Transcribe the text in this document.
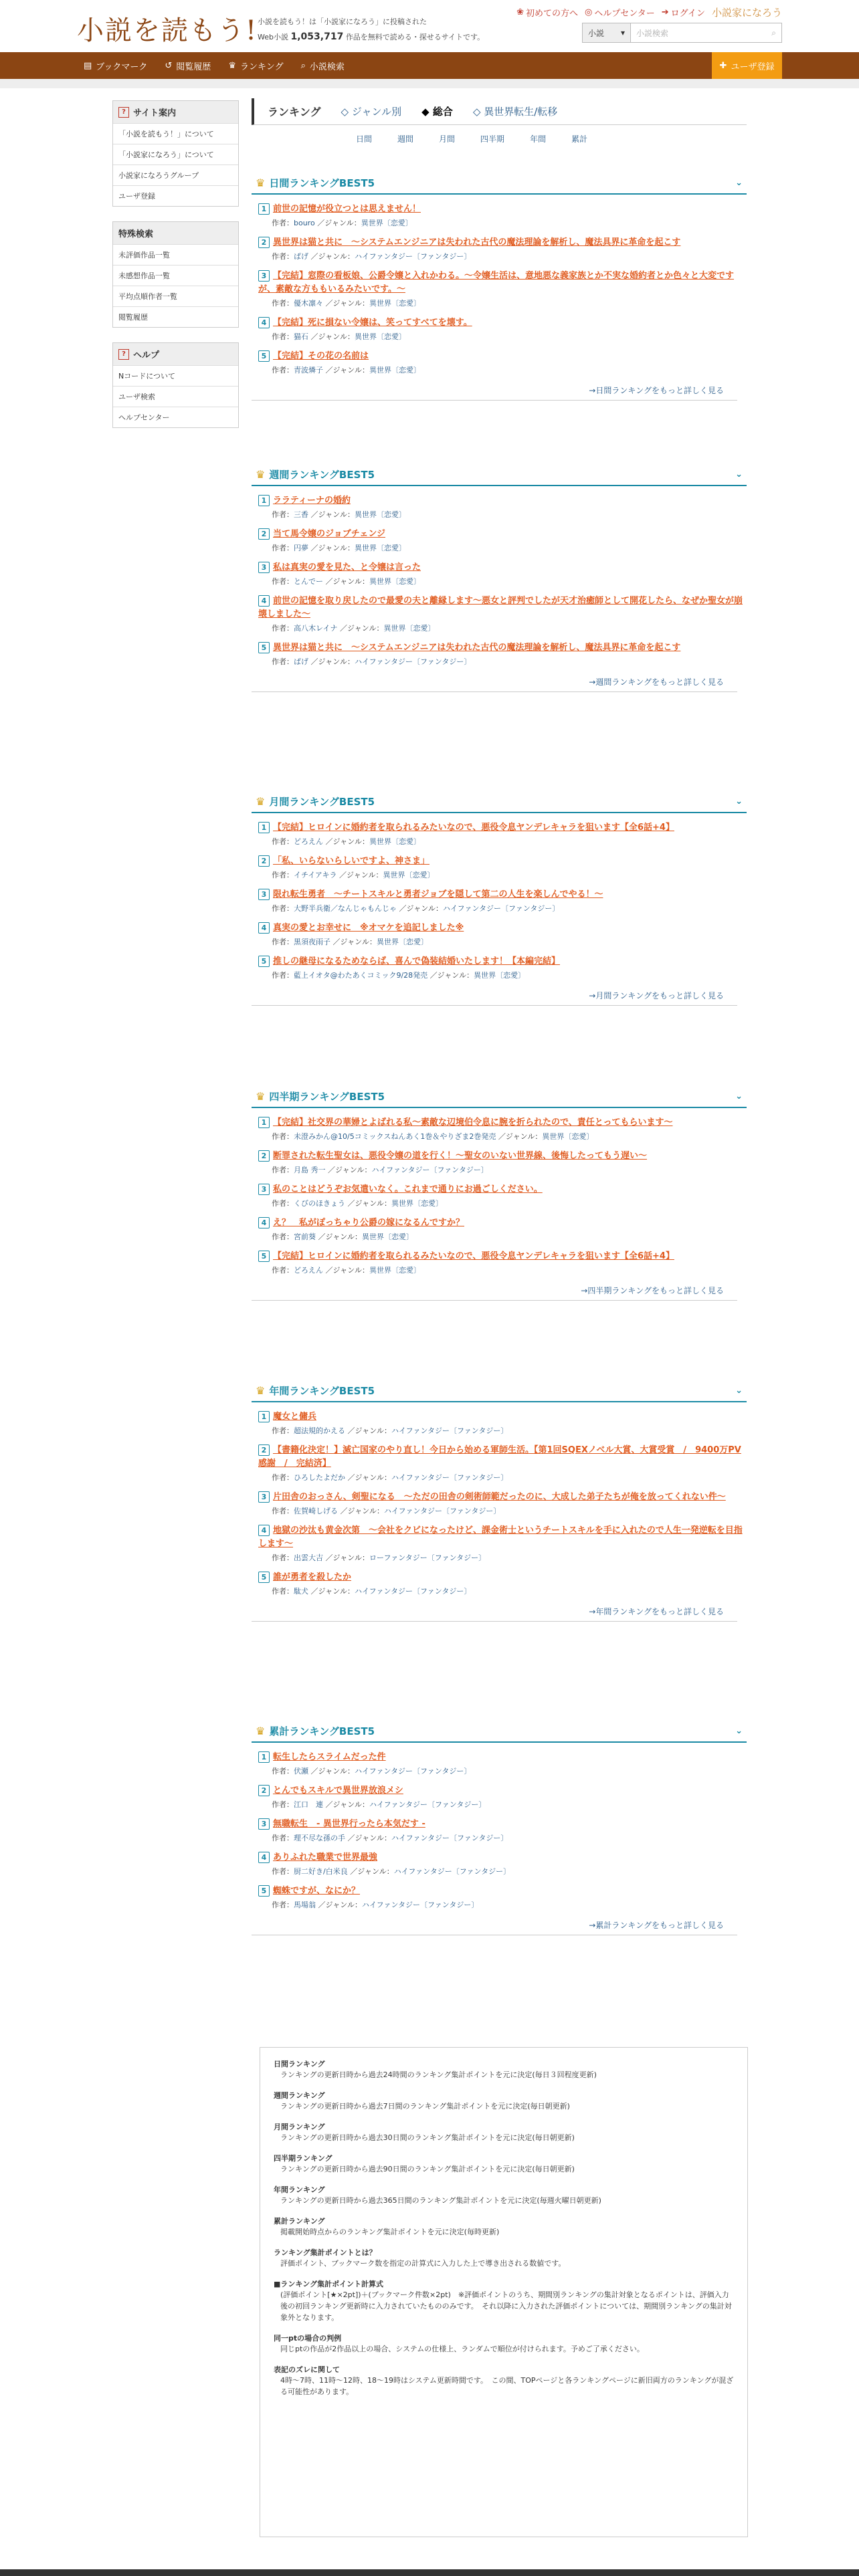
小説を読もう! 小説を読もう！は「小説家になろう」に投稿された
Web小説 1,053,717 作品を無料で読める・探せるサイトです。
❀ 初めての方へ ◎ ヘルプセンター ➔ ログイン 小説家になろう
小説 ▾ 小説検索	⌕
▤ ブックマーク ↺ 閲覧履歴 ♛ ランキング ⌕ 小説検索	✚ ユーザ登録
? サイト案内
「小説を読もう！」について
「小説家になろう」について
小説家になろうグループ
ユーザ登録
特殊検索
未評価作品一覧
未感想作品一覧
平均点順作者一覧
閲覧履歴
? ヘルプ
Nコードについて
ユーザ検索
ヘルプセンター
ランキング ◇ ジャンル別 ◆ 総合 ◇ 異世界転生/転移
日間	週間	月間	四半期	年間	累計
♛ 日間ランキングBEST5	⌄
1 前世の記憶が役立つとは思えません！
作者：bouro ／ジャンル：異世界〔恋愛〕
2 異世界は猫と共に　～システムエンジニアは失われた古代の魔法理論を解析し、魔法具界に革命を起こす
作者：ぱげ ／ジャンル：ハイファンタジー〔ファンタジー〕
3 【完結】窓際の看板娘、公爵令嬢と入れかわる。～令嬢生活は、意地悪な義家族とか不実な婚約者とか色々と大変ですが、素敵な方ももいるみたいです。～
作者：優木凛々 ／ジャンル：異世界〔恋愛〕
4 【完結】死に損ない令嬢は、笑ってすべてを壊す。
作者：猫石 ／ジャンル：異世界〔恋愛〕
5 【完結】その花の名前は
作者：青波燐子 ／ジャンル：異世界〔恋愛〕
→日間ランキングをもっと詳しく見る
♛ 週間ランキングBEST5	⌄
1 ララティーナの婚約
作者：三香 ／ジャンル：異世界〔恋愛〕
2 当て馬令嬢のジョブチェンジ
作者：円夢 ／ジャンル：異世界〔恋愛〕
3 私は真実の愛を見た、と令嬢は言った
作者：とんでー ／ジャンル：異世界〔恋愛〕
4 前世の記憶を取り戻したので最愛の夫と離縁します～悪女と評判でしたが天才治癒師として開花したら、なぜか聖女が崩壊しました～
作者：高八木レイナ ／ジャンル：異世界〔恋愛〕
5 異世界は猫と共に　～システムエンジニアは失われた古代の魔法理論を解析し、魔法具界に革命を起こす
作者：ぱげ ／ジャンル：ハイファンタジー〔ファンタジー〕
→週間ランキングをもっと詳しく見る
♛ 月間ランキングBEST5	⌄
1 【完結】ヒロインに婚約者を取られるみたいなので、悪役令息ヤンデレキャラを狙います【全6話+4】
作者：どろえん ／ジャンル：異世界〔恋愛〕
2 「私、いらないらしいですよ、神さま」
作者：イチイアキラ ／ジャンル：異世界〔恋愛〕
3 限れ転生勇者　～チートスキルと勇者ジョブを隠して第二の人生を楽しんでやる！～
作者：大野半兵衛／なんじゃもんじゃ ／ジャンル：ハイファンタジー〔ファンタジー〕
4 真実の愛とお幸せに　※オマケを追記しました※
作者：黒須夜雨子 ／ジャンル：異世界〔恋愛〕
5 推しの継母になるためならば、喜んで偽装結婚いたします！【本編完結】
作者：藍上イオタ@わたあくコミック9/28発売 ／ジャンル：異世界〔恋愛〕
→月間ランキングをもっと詳しく見る
♛ 四半期ランキングBEST5	⌄
1 【完結】社交界の華婦とよばれる私～素敵な辺境伯令息に腕を折られたので、責任とってもらいます～
作者：未澄みかん@10/5コミックスねんあく1巻＆やりざま2巻発売 ／ジャンル：異世界〔恋愛〕
2 断罪された転生聖女は、悪役令嬢の道を行く！～聖女のいない世界線、後悔したってもう遅い～
作者：月島 秀一 ／ジャンル：ハイファンタジー〔ファンタジー〕
3 私のことはどうぞお気遣いなく。これまで通りにお過ごしください。
作者：くびのほきょう ／ジャンル：異世界〔恋愛〕
4 え？　私がぽっちゃり公爵の嫁になるんですか？
作者：宮前葵 ／ジャンル：異世界〔恋愛〕
5 【完結】ヒロインに婚約者を取られるみたいなので、悪役令息ヤンデレキャラを狙います【全6話+4】
作者：どろえん ／ジャンル：異世界〔恋愛〕
→四半期ランキングをもっと詳しく見る
♛ 年間ランキングBEST5	⌄
1 魔女と傭兵
作者：超法規的かえる ／ジャンル：ハイファンタジー〔ファンタジー〕
2 【書籍化決定！】滅亡国家のやり直し！今日から始める軍師生活。【第1回SQEXノベル大賞、大賞受賞　/　9400万PV感謝　/　完結済】
作者：ひろしたよだか ／ジャンル：ハイファンタジー〔ファンタジー〕
3 片田舎のおっさん、剣聖になる　～ただの田舎の剣術師範だったのに、大成した弟子たちが俺を放ってくれない件～
作者：佐賀崎しげる ／ジャンル：ハイファンタジー〔ファンタジー〕
4 地獄の沙汰も黄金次第　～会社をクビになったけど、課金術士というチートスキルを手に入れたので人生一発逆転を目指します～
作者：出雲大吉 ／ジャンル：ローファンタジー〔ファンタジー〕
5 誰が勇者を殺したか
作者：駄犬 ／ジャンル：ハイファンタジー〔ファンタジー〕
→年間ランキングをもっと詳しく見る
♛ 累計ランキングBEST5	⌄
1 転生したらスライムだった件
作者：伏瀬 ／ジャンル：ハイファンタジー〔ファンタジー〕
2 とんでもスキルで異世界放浪メシ
作者：江口　連 ／ジャンル：ハイファンタジー〔ファンタジー〕
3 無職転生　- 異世界行ったら本気だす -
作者：理不尽な孫の手 ／ジャンル：ハイファンタジー〔ファンタジー〕
4 ありふれた職業で世界最強
作者：厨二好き/白米良 ／ジャンル：ハイファンタジー〔ファンタジー〕
5 蜘蛛ですが、なにか？
作者：馬場翁 ／ジャンル：ハイファンタジー〔ファンタジー〕
→累計ランキングをもっと詳しく見る
日間ランキング
ランキングの更新日時から過去24時間のランキング集計ポイントを元に決定(毎日３回程度更新)
週間ランキング
ランキングの更新日時から過去7日間のランキング集計ポイントを元に決定(毎日朝更新)
月間ランキング
ランキングの更新日時から過去30日間のランキング集計ポイントを元に決定(毎日朝更新)
四半期ランキング
ランキングの更新日時から過去90日間のランキング集計ポイントを元に決定(毎日朝更新)
年間ランキング
ランキングの更新日時から過去365日間のランキング集計ポイントを元に決定(毎週火曜日朝更新)
累計ランキング
掲載開始時点からのランキング集計ポイントを元に決定(毎時更新)
ランキング集計ポイントとは？
評価ポイント、ブックマーク数を指定の計算式に入力した上で導き出される数値です。
■ランキング集計ポイント計算式
(評価ポイント[★×2pt])＋(ブックマーク件数×2pt)　※評価ポイントのうち、期間別ランキングの集計対象となるポイントは、評価入力後の初回ランキング更新時に入力されていたもののみです。　それ以降に入力された評価ポイントについては、期間別ランキングの集計対象外となります。
同一ptの場合の判例
同じptの作品が2作品以上の場合、システムの仕様上、ランダムで順位が付けられます。予めご了承ください。
表記のズレに関して
4時〜7時、11時〜12時、18〜19時はシステム更新時間です。　この間、TOPページと各ランキングページに新旧両方のランキングが混ざる可能性があります。
